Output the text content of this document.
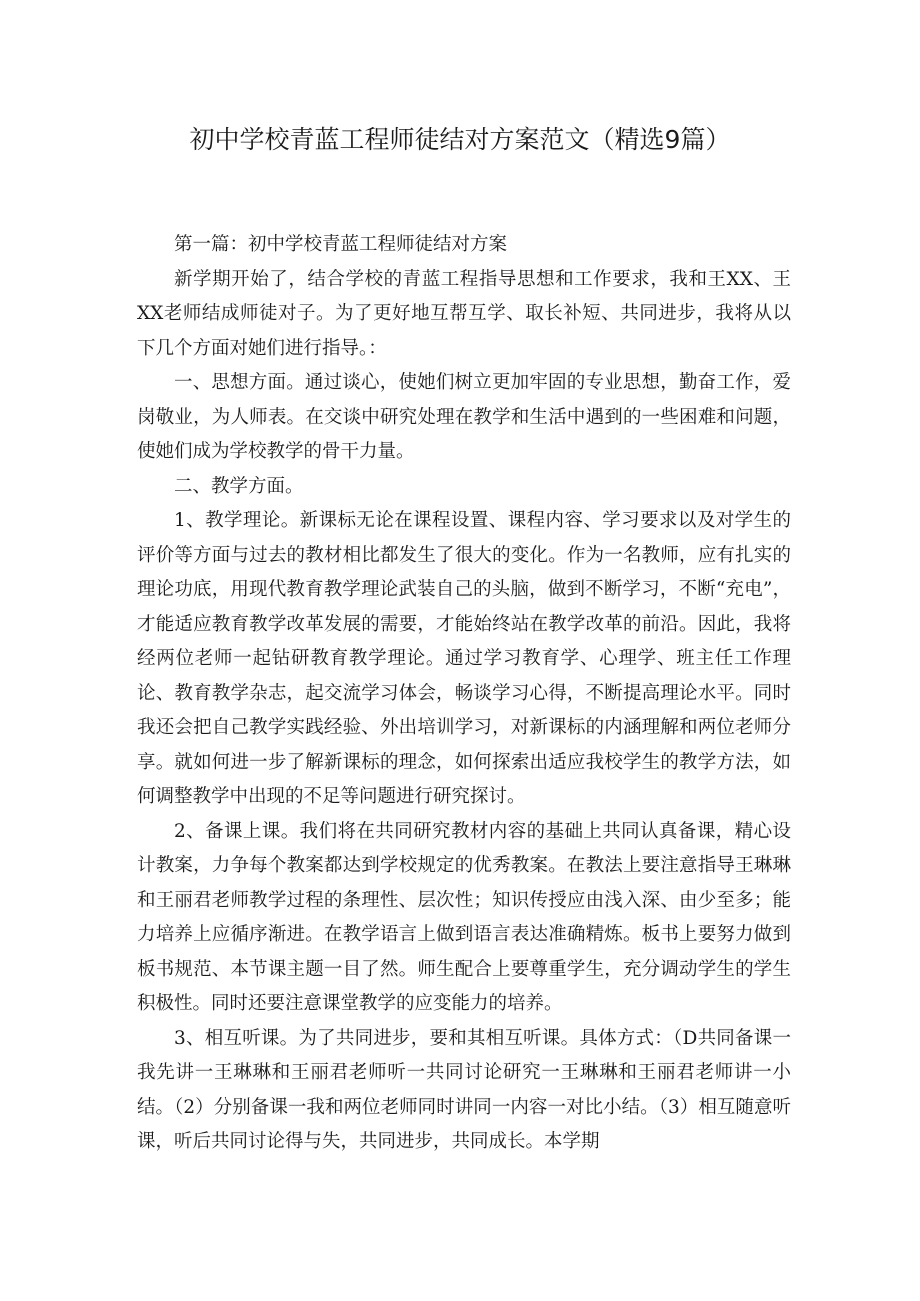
初中学校青蓝工程师徒结对方案范文（精选9篇）

第一篇：初中学校青蓝工程师徒结对方案

新学期开始了，结合学校的青蓝工程指导思想和工作要求，我和王XX、王XX老师结成师徒对子。为了更好地互帮互学、取长补短、共同进步，我将从以下几个方面对她们进行指导。：

一、思想方面。通过谈心，使她们树立更加牢固的专业思想，勤奋工作，爱岗敬业，为人师表。在交谈中研究处理在教学和生活中遇到的一些困难和问题，使她们成为学校教学的骨干力量。

二、教学方面。

1、教学理论。新课标无论在课程设置、课程内容、学习要求以及对学生的评价等方面与过去的教材相比都发生了很大的变化。作为一名教师，应有扎实的理论功底，用现代教育教学理论武装自己的头脑，做到不断学习，不断“充电”，才能适应教育教学改革发展的需要，才能始终站在教学改革的前沿。因此，我将经两位老师一起钻研教育教学理论。通过学习教育学、心理学、班主任工作理论、教育教学杂志，起交流学习体会，畅谈学习心得，不断提高理论水平。同时我还会把自己教学实践经验、外出培训学习，对新课标的内涵理解和两位老师分享。就如何进一步了解新课标的理念，如何探索出适应我校学生的教学方法，如何调整教学中出现的不足等问题进行研究探讨。

2、备课上课。我们将在共同研究教材内容的基础上共同认真备课，精心设计教案，力争每个教案都达到学校规定的优秀教案。在教法上要注意指导王琳琳和王丽君老师教学过程的条理性、层次性；知识传授应由浅入深、由少至多；能力培养上应循序渐进。在教学语言上做到语言表达准确精炼。板书上要努力做到板书规范、本节课主题一目了然。师生配合上要尊重学生，充分调动学生的学生积极性。同时还要注意课堂教学的应变能力的培养。

3、相互听课。为了共同进步，要和其相互听课。具体方式：（D共同备课一我先讲一王琳琳和王丽君老师听一共同讨论研究一王琳琳和王丽君老师讲一小结。（2）分别备课一我和两位老师同时讲同一内容一对比小结。（3）相互随意听课，听后共同讨论得与失，共同进步，共同成长。本学期
